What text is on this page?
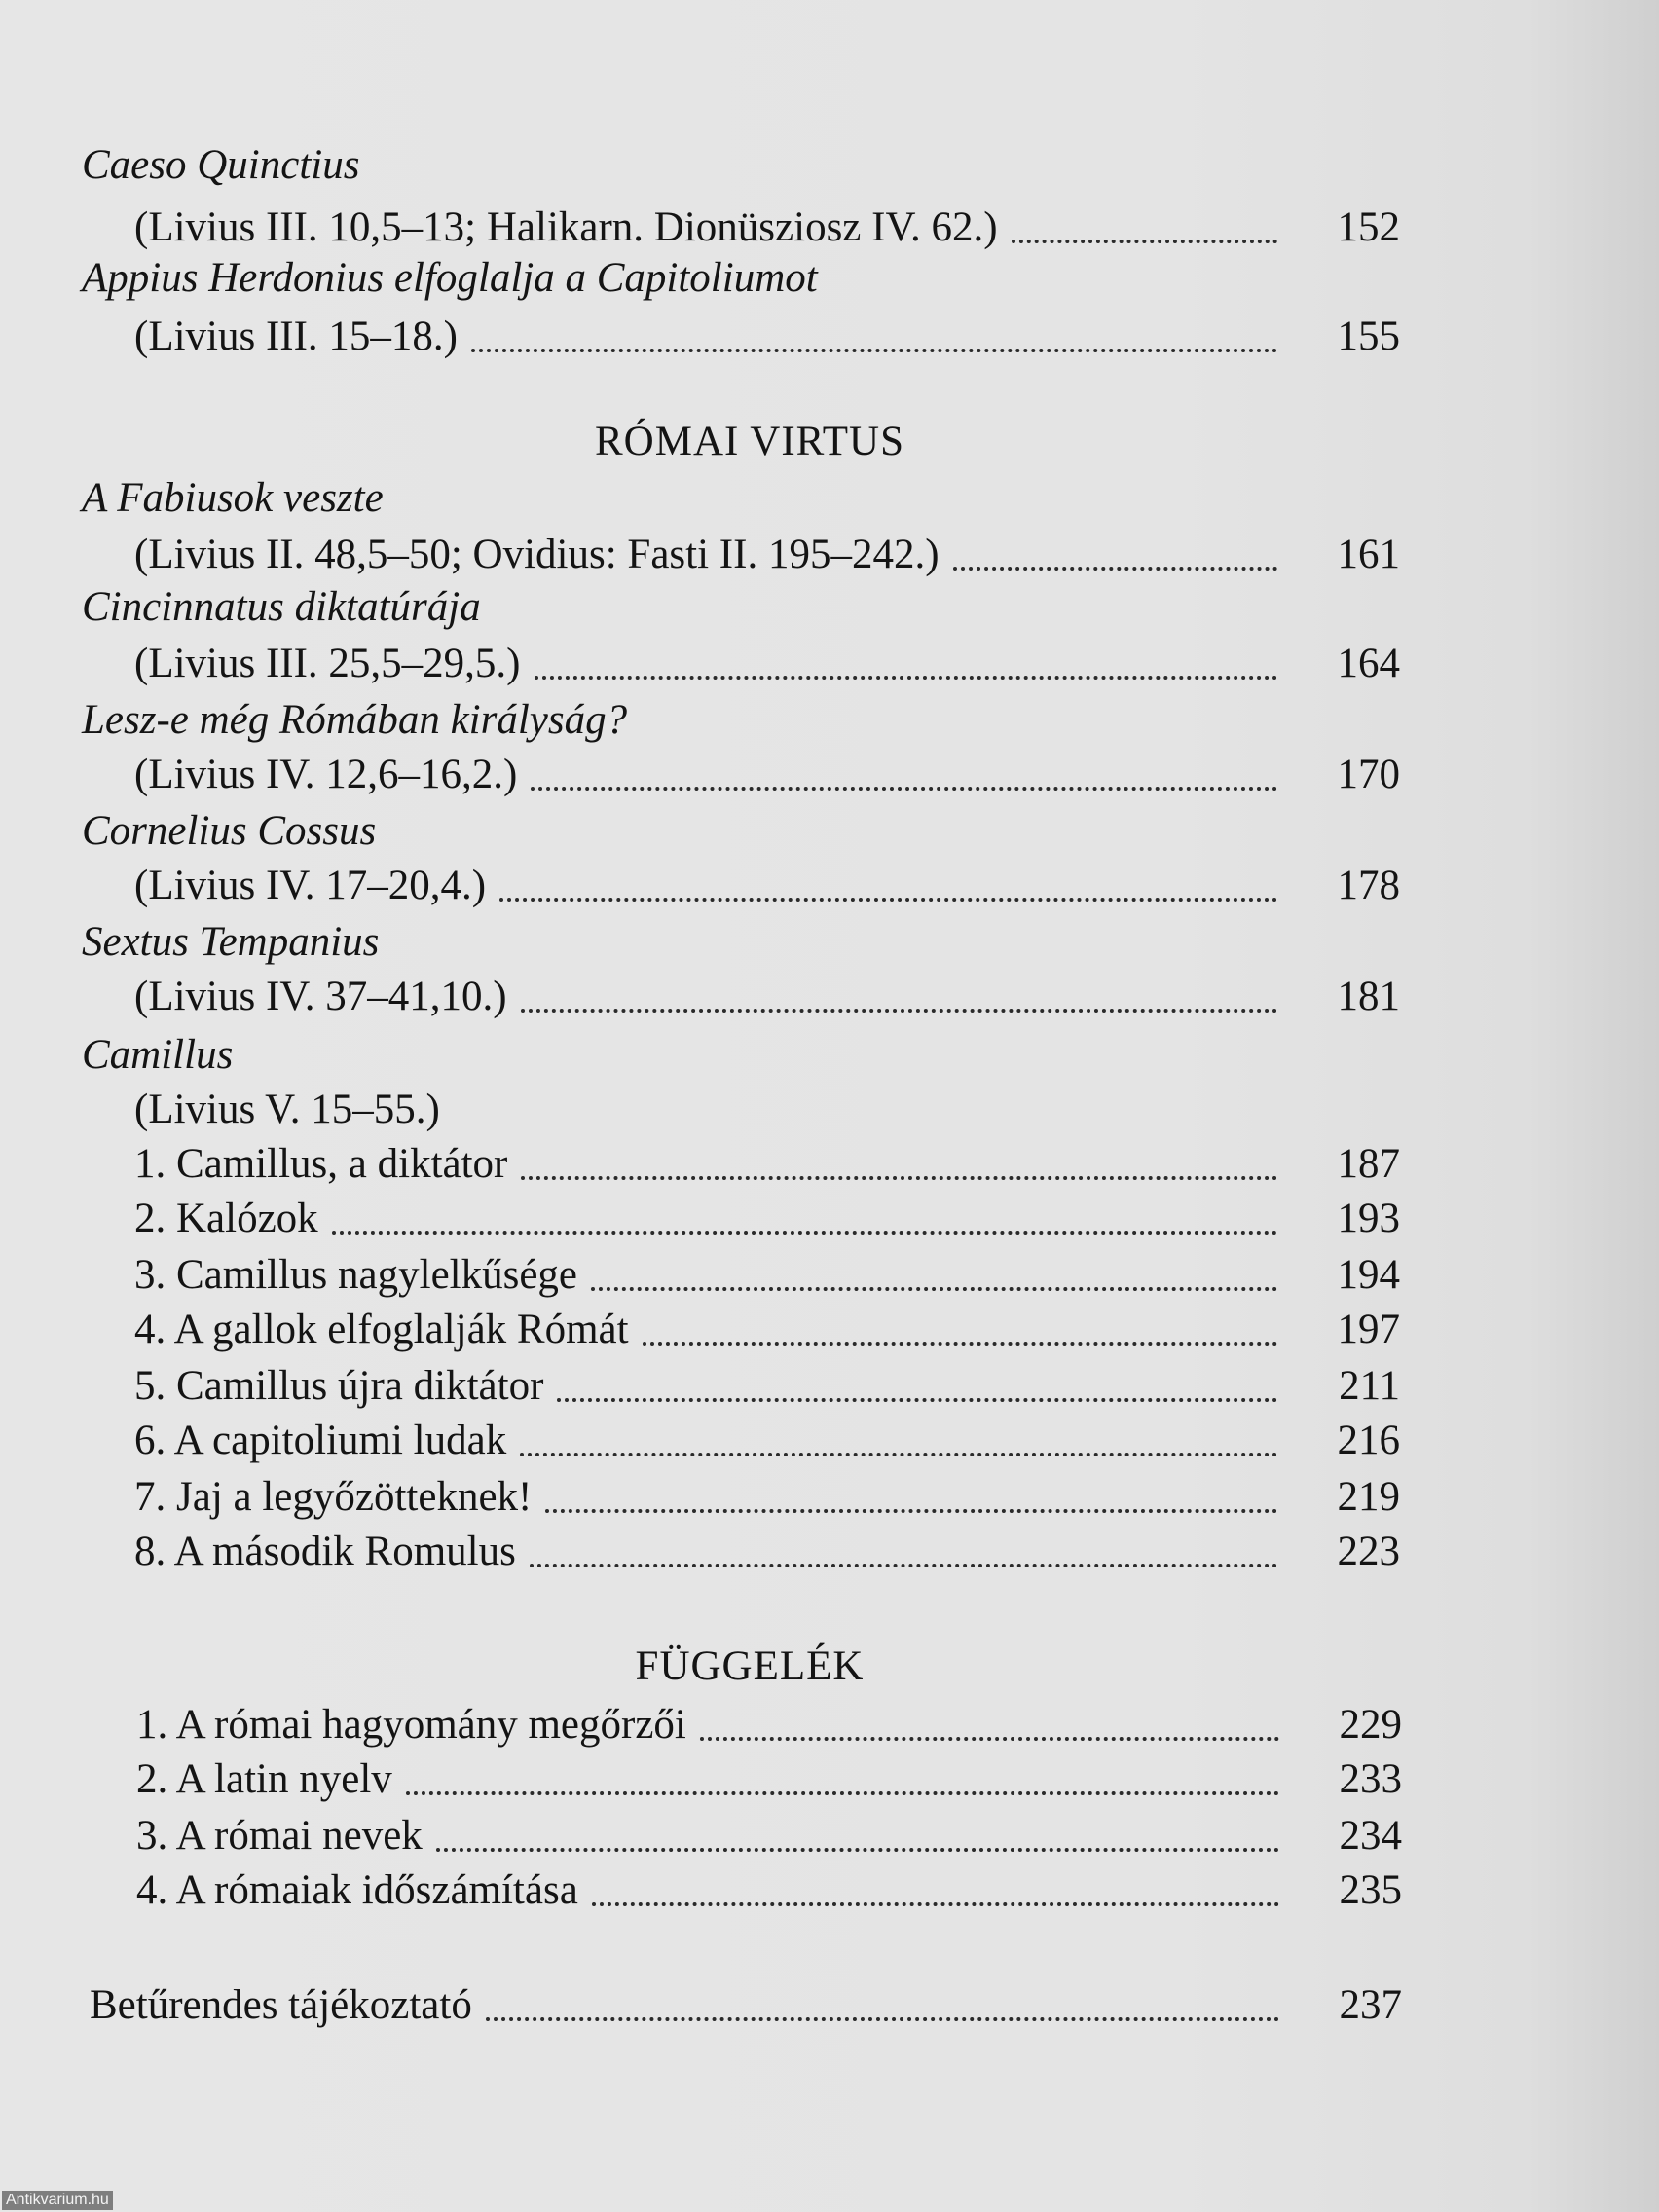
Caeso Quinctius
(Livius III. 10,5–13; Halikarn. Dionüsziosz IV. 62.)	152
Appius Herdonius elfoglalja a Capitoliumot
(Livius III. 15–18.)	155
RÓMAI VIRTUS
A Fabiusok veszte
(Livius II. 48,5–50; Ovidius: Fasti II. 195–242.)	161
Cincinnatus diktatúrája
(Livius III. 25,5–29,5.)	164
Lesz-e még Rómában királyság?
(Livius IV. 12,6–16,2.)	170
Cornelius Cossus
(Livius IV. 17–20,4.)	178
Sextus Tempanius
(Livius IV. 37–41,10.)	181
Camillus
(Livius V. 15–55.)
1. Camillus, a diktátor	187
2. Kalózok	193
3. Camillus nagylelkűsége	194
4. A gallok elfoglalják Rómát	197
5. Camillus újra diktátor	211
6. A capitoliumi ludak	216
7. Jaj a legyőzötteknek!	219
8. A második Romulus	223
FÜGGELÉK
1. A római hagyomány megőrzői	229
2. A latin nyelv	233
3. A római nevek	234
4. A rómaiak időszámítása	235
Betűrendes tájékoztató	237
Antikvarium.hu
